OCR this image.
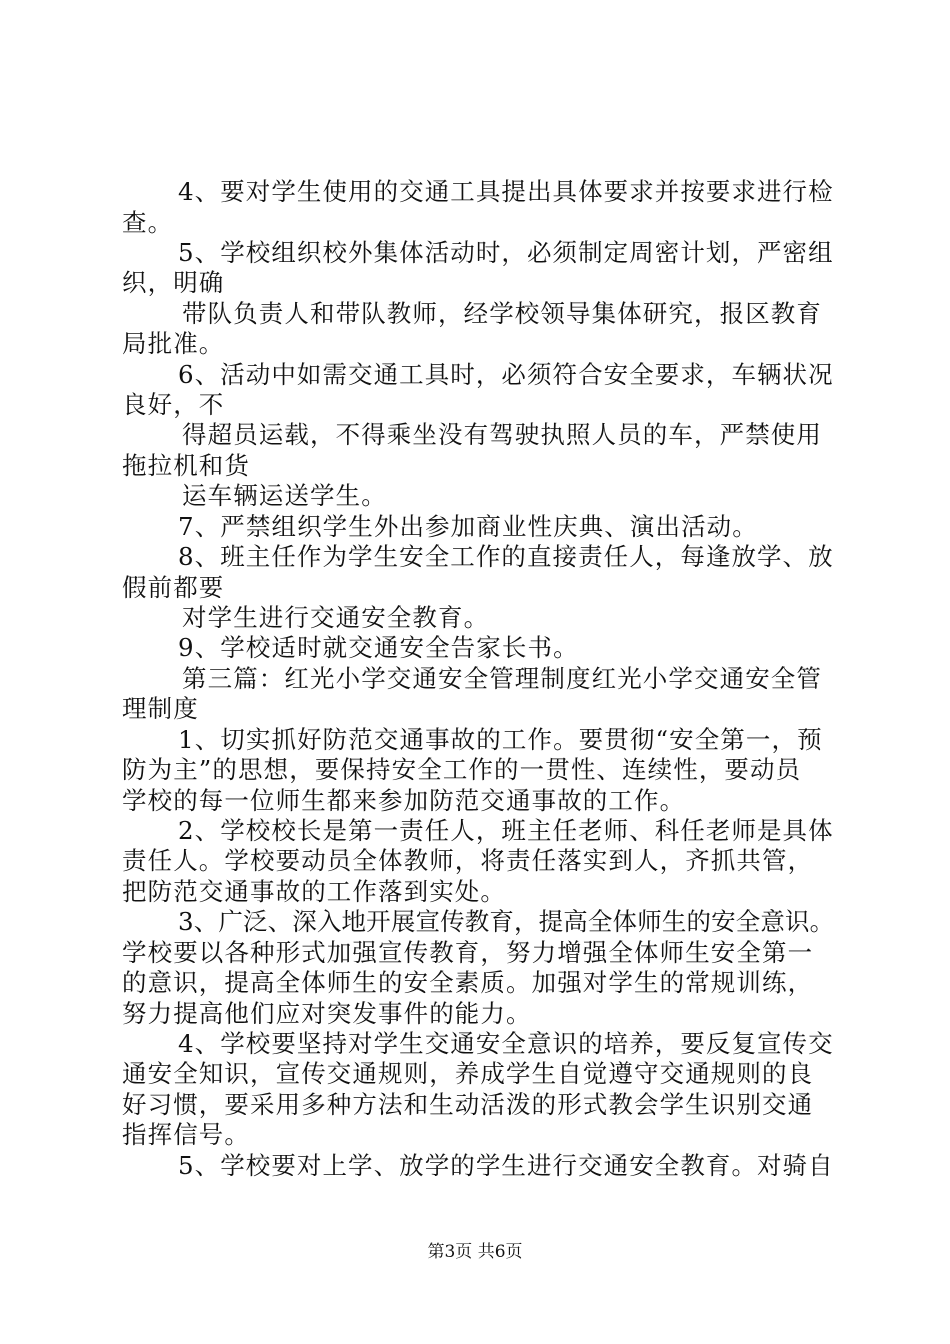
4、要对学生使用的交通工具提出具体要求并按要求进行检
查。
5、学校组织校外集体活动时，必须制定周密计划，严密组
织，明确
带队负责人和带队教师，经学校领导集体研究，报区教育
局批准。
6、活动中如需交通工具时，必须符合安全要求，车辆状况
良好，不
得超员运载，不得乘坐没有驾驶执照人员的车，严禁使用
拖拉机和货
运车辆运送学生。
7、严禁组织学生外出参加商业性庆典、演出活动。
8、班主任作为学生安全工作的直接责任人，每逢放学、放
假前都要
对学生进行交通安全教育。
9、学校适时就交通安全告家长书。
第三篇：红光小学交通安全管理制度红光小学交通安全管
理制度
1、切实抓好防范交通事故的工作。要贯彻“安全第一，预
防为主”的思想，要保持安全工作的一贯性、连续性，要动员
学校的每一位师生都来参加防范交通事故的工作。
2、学校校长是第一责任人，班主任老师、科任老师是具体
责任人。学校要动员全体教师，将责任落实到人，齐抓共管，
把防范交通事故的工作落到实处。
3、广泛、深入地开展宣传教育，提高全体师生的安全意识。
学校要以各种形式加强宣传教育，努力增强全体师生安全第一
的意识，提高全体师生的安全素质。加强对学生的常规训练，
努力提高他们应对突发事件的能力。
4、学校要坚持对学生交通安全意识的培养，要反复宣传交
通安全知识，宣传交通规则，养成学生自觉遵守交通规则的良
好习惯，要采用多种方法和生动活泼的形式教会学生识别交通
指挥信号。
5、学校要对上学、放学的学生进行交通安全教育。对骑自
第3页 共6页
